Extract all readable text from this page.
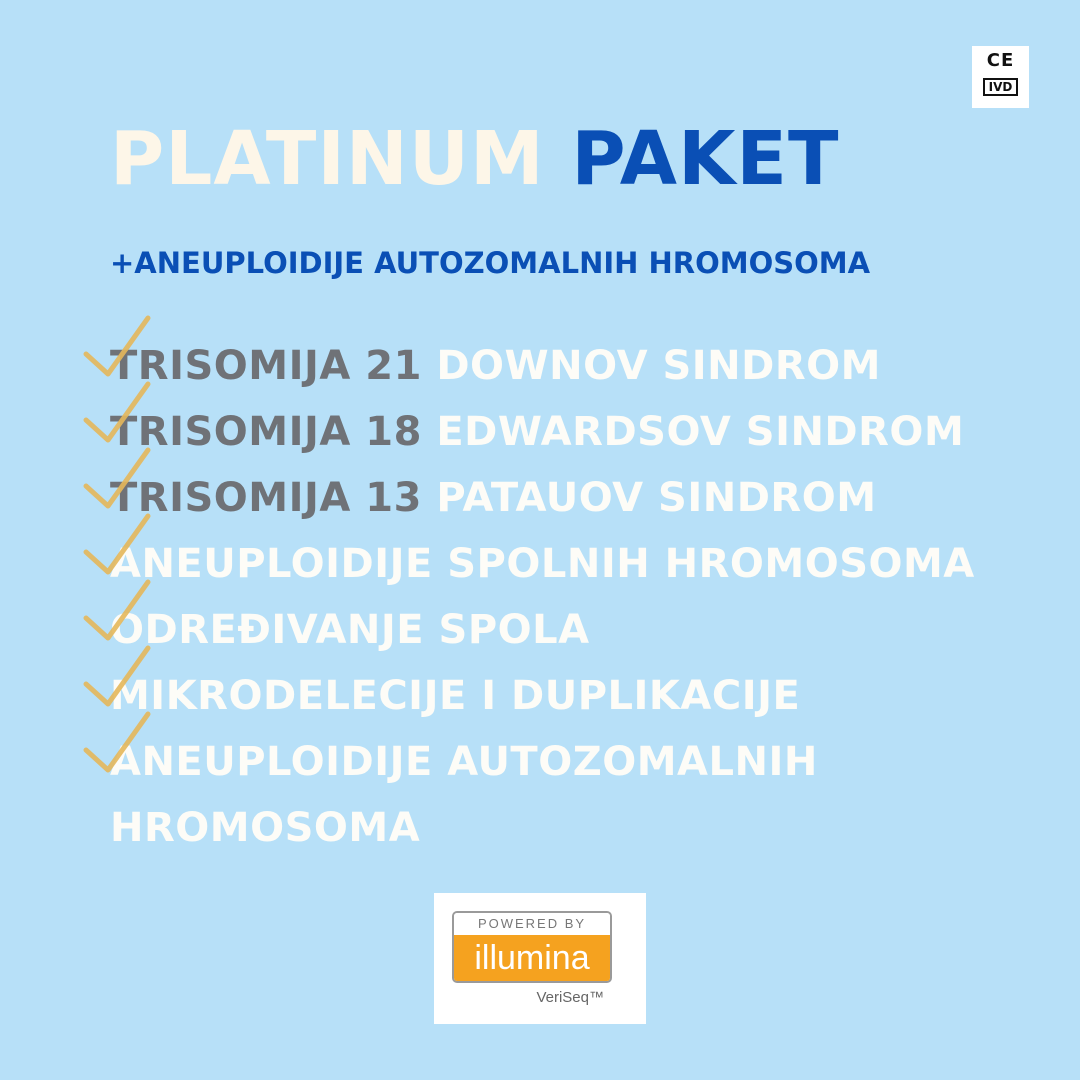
CE
IVD
PLATINUM PAKET
+ANEUPLOIDIJE AUTOZOMALNIH HROMOSOMA
TRISOMIJA 21 DOWNOV SINDROM
TRISOMIJA 18 EDWARDSOV SINDROM
TRISOMIJA 13 PATAUOV SINDROM
ANEUPLOIDIJE SPOLNIH HROMOSOMA
ODREĐIVANJE SPOLA
MIKRODELECIJE I DUPLIKACIJE
ANEUPLOIDIJE AUTOZOMALNIH
HROMOSOMA
POWERED BY
illumina
VeriSeq™
